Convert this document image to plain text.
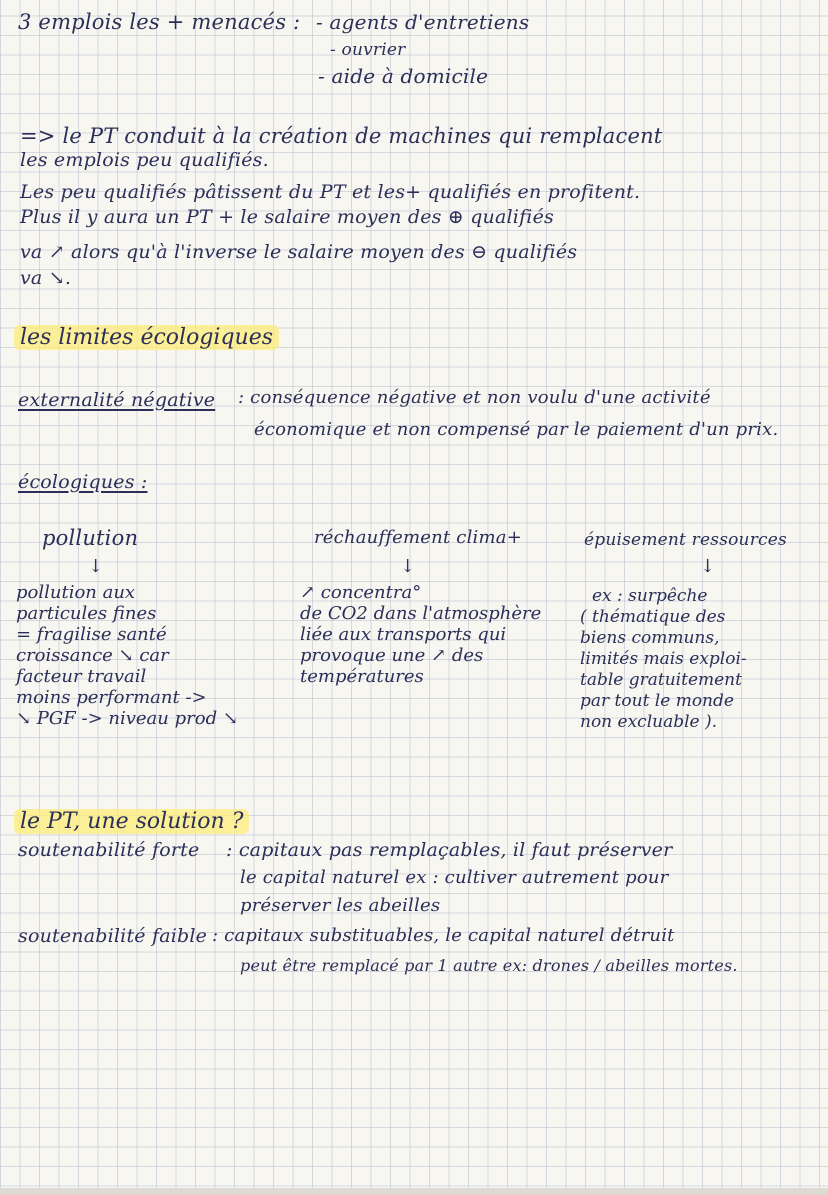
3 emplois les + menacés : - agents d'entretiens
- ouvrier
- aide à domicile
=> le PT conduit à la création de machines qui remplacent
les emplois peu qualifiés.
Les peu qualifiés pâtissent du PT et les+ qualifiés en profitent.
Plus il y aura un PT + le salaire moyen des ⊕ qualifiés
va ↗ alors qu'à l'inverse le salaire moyen des ⊖ qualifiés
va ↘.
les limites écologiques
externalité négative : conséquence négative et non voulu d'une activité
économique et non compensé par le paiement d'un prix.
écologiques :
pollution
↓
pollution aux
particules fines
= fragilise santé
croissance ↘ car
facteur travail
moins performant ->
↘ PGF -> niveau prod ↘
réchauffement clima+
↓
↗ concentra°
de CO2 dans l'atmosphère
liée aux transports qui
provoque une ↗ des
températures
épuisement ressources
↓
ex : surpêche
( thématique des
biens communs,
limités mais exploi-
table gratuitement
par tout le monde
non excluable ).
le PT, une solution ?
soutenabilité forte : capitaux pas remplaçables, il faut préserver
le capital naturel ex : cultiver autrement pour
préserver les abeilles
soutenabilité faible : capitaux substituables, le capital naturel détruit
peut être remplacé par 1 autre ex: drones / abeilles mortes.
